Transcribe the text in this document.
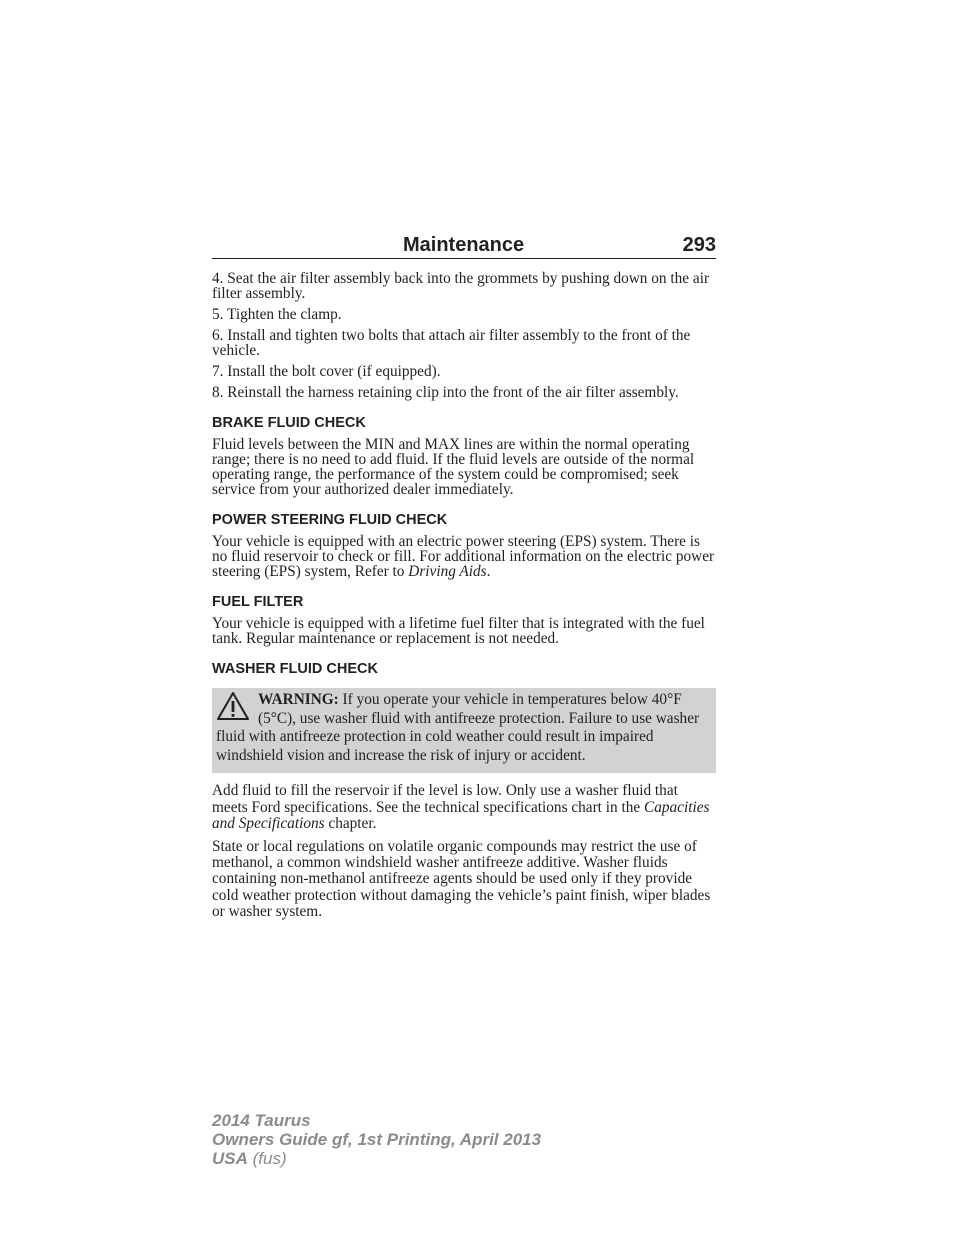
Maintenance	293

4. Seat the air filter assembly back into the grommets by pushing down on the air filter assembly.

5. Tighten the clamp.

6. Install and tighten two bolts that attach air filter assembly to the front of the vehicle.

7. Install the bolt cover (if equipped).

8. Reinstall the harness retaining clip into the front of the air filter assembly.

BRAKE FLUID CHECK

Fluid levels between the MIN and MAX lines are within the normal operating range; there is no need to add fluid. If the fluid levels are outside of the normal operating range, the performance of the system could be compromised; seek service from your authorized dealer immediately.

POWER STEERING FLUID CHECK

Your vehicle is equipped with an electric power steering (EPS) system. There is no fluid reservoir to check or fill. For additional information on the electric power steering (EPS) system, Refer to Driving Aids.

FUEL FILTER

Your vehicle is equipped with a lifetime fuel filter that is integrated with the fuel tank. Regular maintenance or replacement is not needed.

WASHER FLUID CHECK
WARNING: If you operate your vehicle in temperatures below 40°F (5°C), use washer fluid with antifreeze protection. Failure to use washer fluid with antifreeze protection in cold weather could result in impaired windshield vision and increase the risk of injury or accident.

Add fluid to fill the reservoir if the level is low. Only use a washer fluid that meets Ford specifications. See the technical specifications chart in the Capacities and Specifications chapter.

State or local regulations on volatile organic compounds may restrict the use of methanol, a common windshield washer antifreeze additive. Washer fluids containing non-methanol antifreeze agents should be used only if they provide cold weather protection without damaging the vehicle’s paint finish, wiper blades or washer system.

2014 Taurus
Owners Guide gf, 1st Printing, April 2013
USA (fus)
